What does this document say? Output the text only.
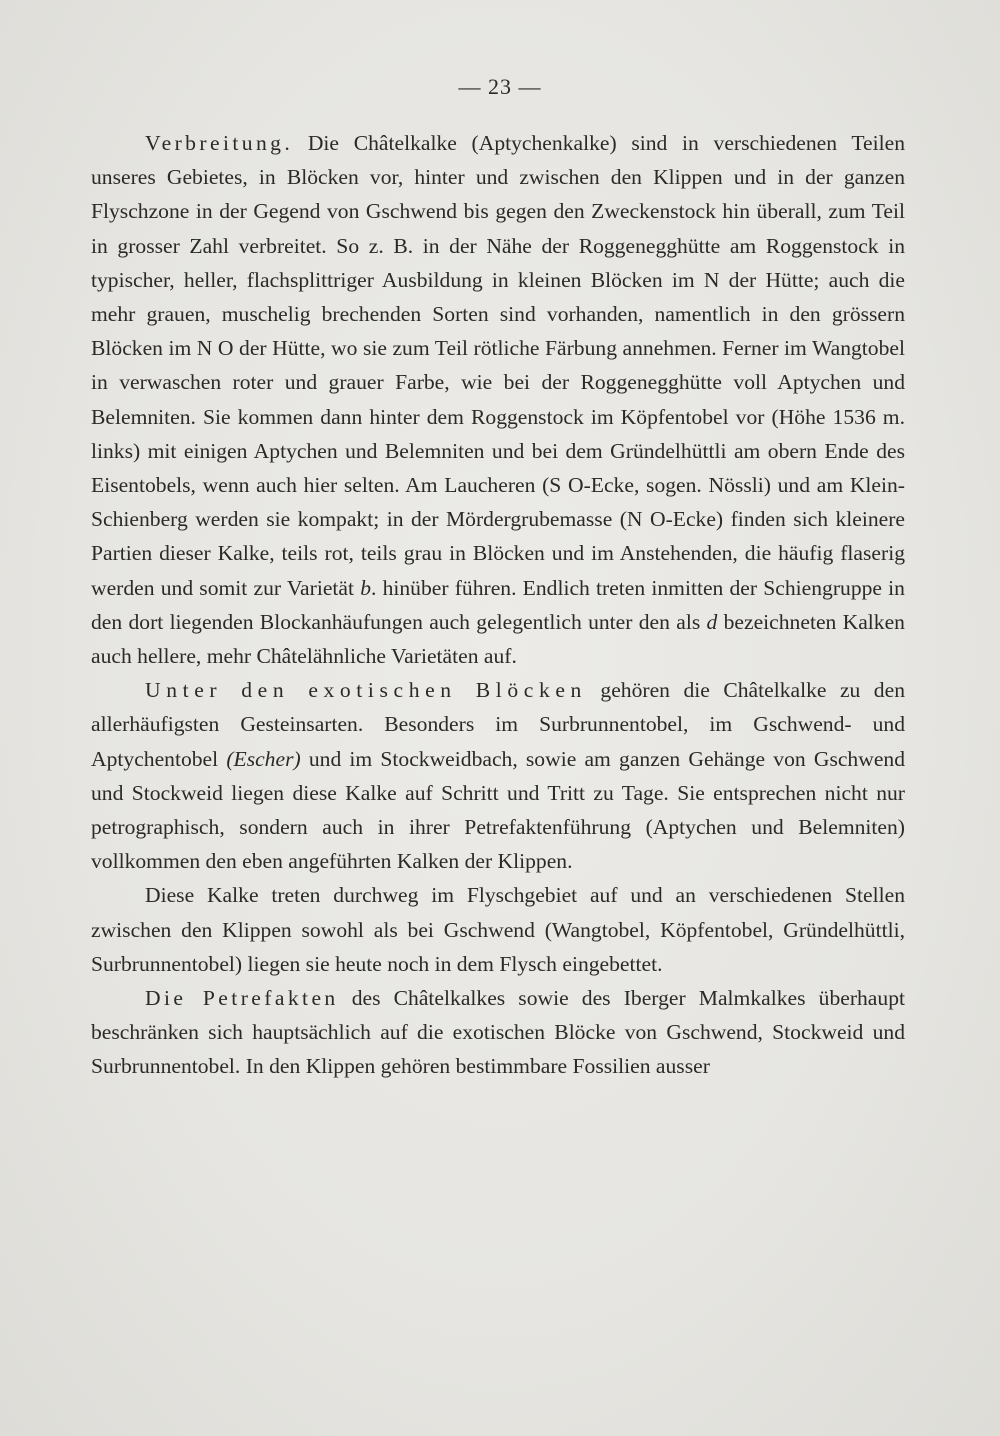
— 23 —

Verbreitung. Die Châtelkalke (Aptychenkalke) sind in verschiedenen Teilen unseres Gebietes, in Blöcken vor, hinter und zwischen den Klippen und in der ganzen Flyschzone in der Gegend von Gschwend bis gegen den Zweckenstock hin überall, zum Teil in grosser Zahl verbreitet. So z. B. in der Nähe der Roggenegghütte am Roggenstock in typischer, heller, flachsplittriger Ausbildung in kleinen Blöcken im N der Hütte; auch die mehr grauen, muschelig brechenden Sorten sind vorhanden, namentlich in den grössern Blöcken im N O der Hütte, wo sie zum Teil rötliche Färbung annehmen. Ferner im Wangtobel in verwaschen roter und grauer Farbe, wie bei der Roggenegghütte voll Aptychen und Belemniten. Sie kommen dann hinter dem Roggenstock im Köpfentobel vor (Höhe 1536 m. links) mit einigen Aptychen und Belemniten und bei dem Gründelhüttli am obern Ende des Eisentobels, wenn auch hier selten. Am Laucheren (S O-Ecke, sogen. Nössli) und am Klein-Schienberg werden sie kompakt; in der Mördergrubemasse (N O-Ecke) finden sich kleinere Partien dieser Kalke, teils rot, teils grau in Blöcken und im Anstehenden, die häufig flaserig werden und somit zur Varietät b. hinüber führen. Endlich treten inmitten der Schiengruppe in den dort liegenden Blockanhäufungen auch gelegentlich unter den als d bezeichneten Kalken auch hellere, mehr Châtelähnliche Varietäten auf.

Unter den exotischen Blöcken gehören die Châtelkalke zu den allerhäufigsten Gesteinsarten. Besonders im Surbrunnentobel, im Gschwend- und Aptychentobel (Escher) und im Stockweidbach, sowie am ganzen Gehänge von Gschwend und Stockweid liegen diese Kalke auf Schritt und Tritt zu Tage. Sie entsprechen nicht nur petrographisch, sondern auch in ihrer Petrefaktenführung (Aptychen und Belemniten) vollkommen den eben angeführten Kalken der Klippen.

Diese Kalke treten durchweg im Flyschgebiet auf und an verschiedenen Stellen zwischen den Klippen sowohl als bei Gschwend (Wangtobel, Köpfentobel, Gründelhüttli, Surbrunnentobel) liegen sie heute noch in dem Flysch eingebettet.

Die Petrefakten des Châtelkalkes sowie des Iberger Malmkalkes überhaupt beschränken sich hauptsächlich auf die exotischen Blöcke von Gschwend, Stockweid und Surbrunnentobel. In den Klippen gehören bestimmbare Fossilien ausser
